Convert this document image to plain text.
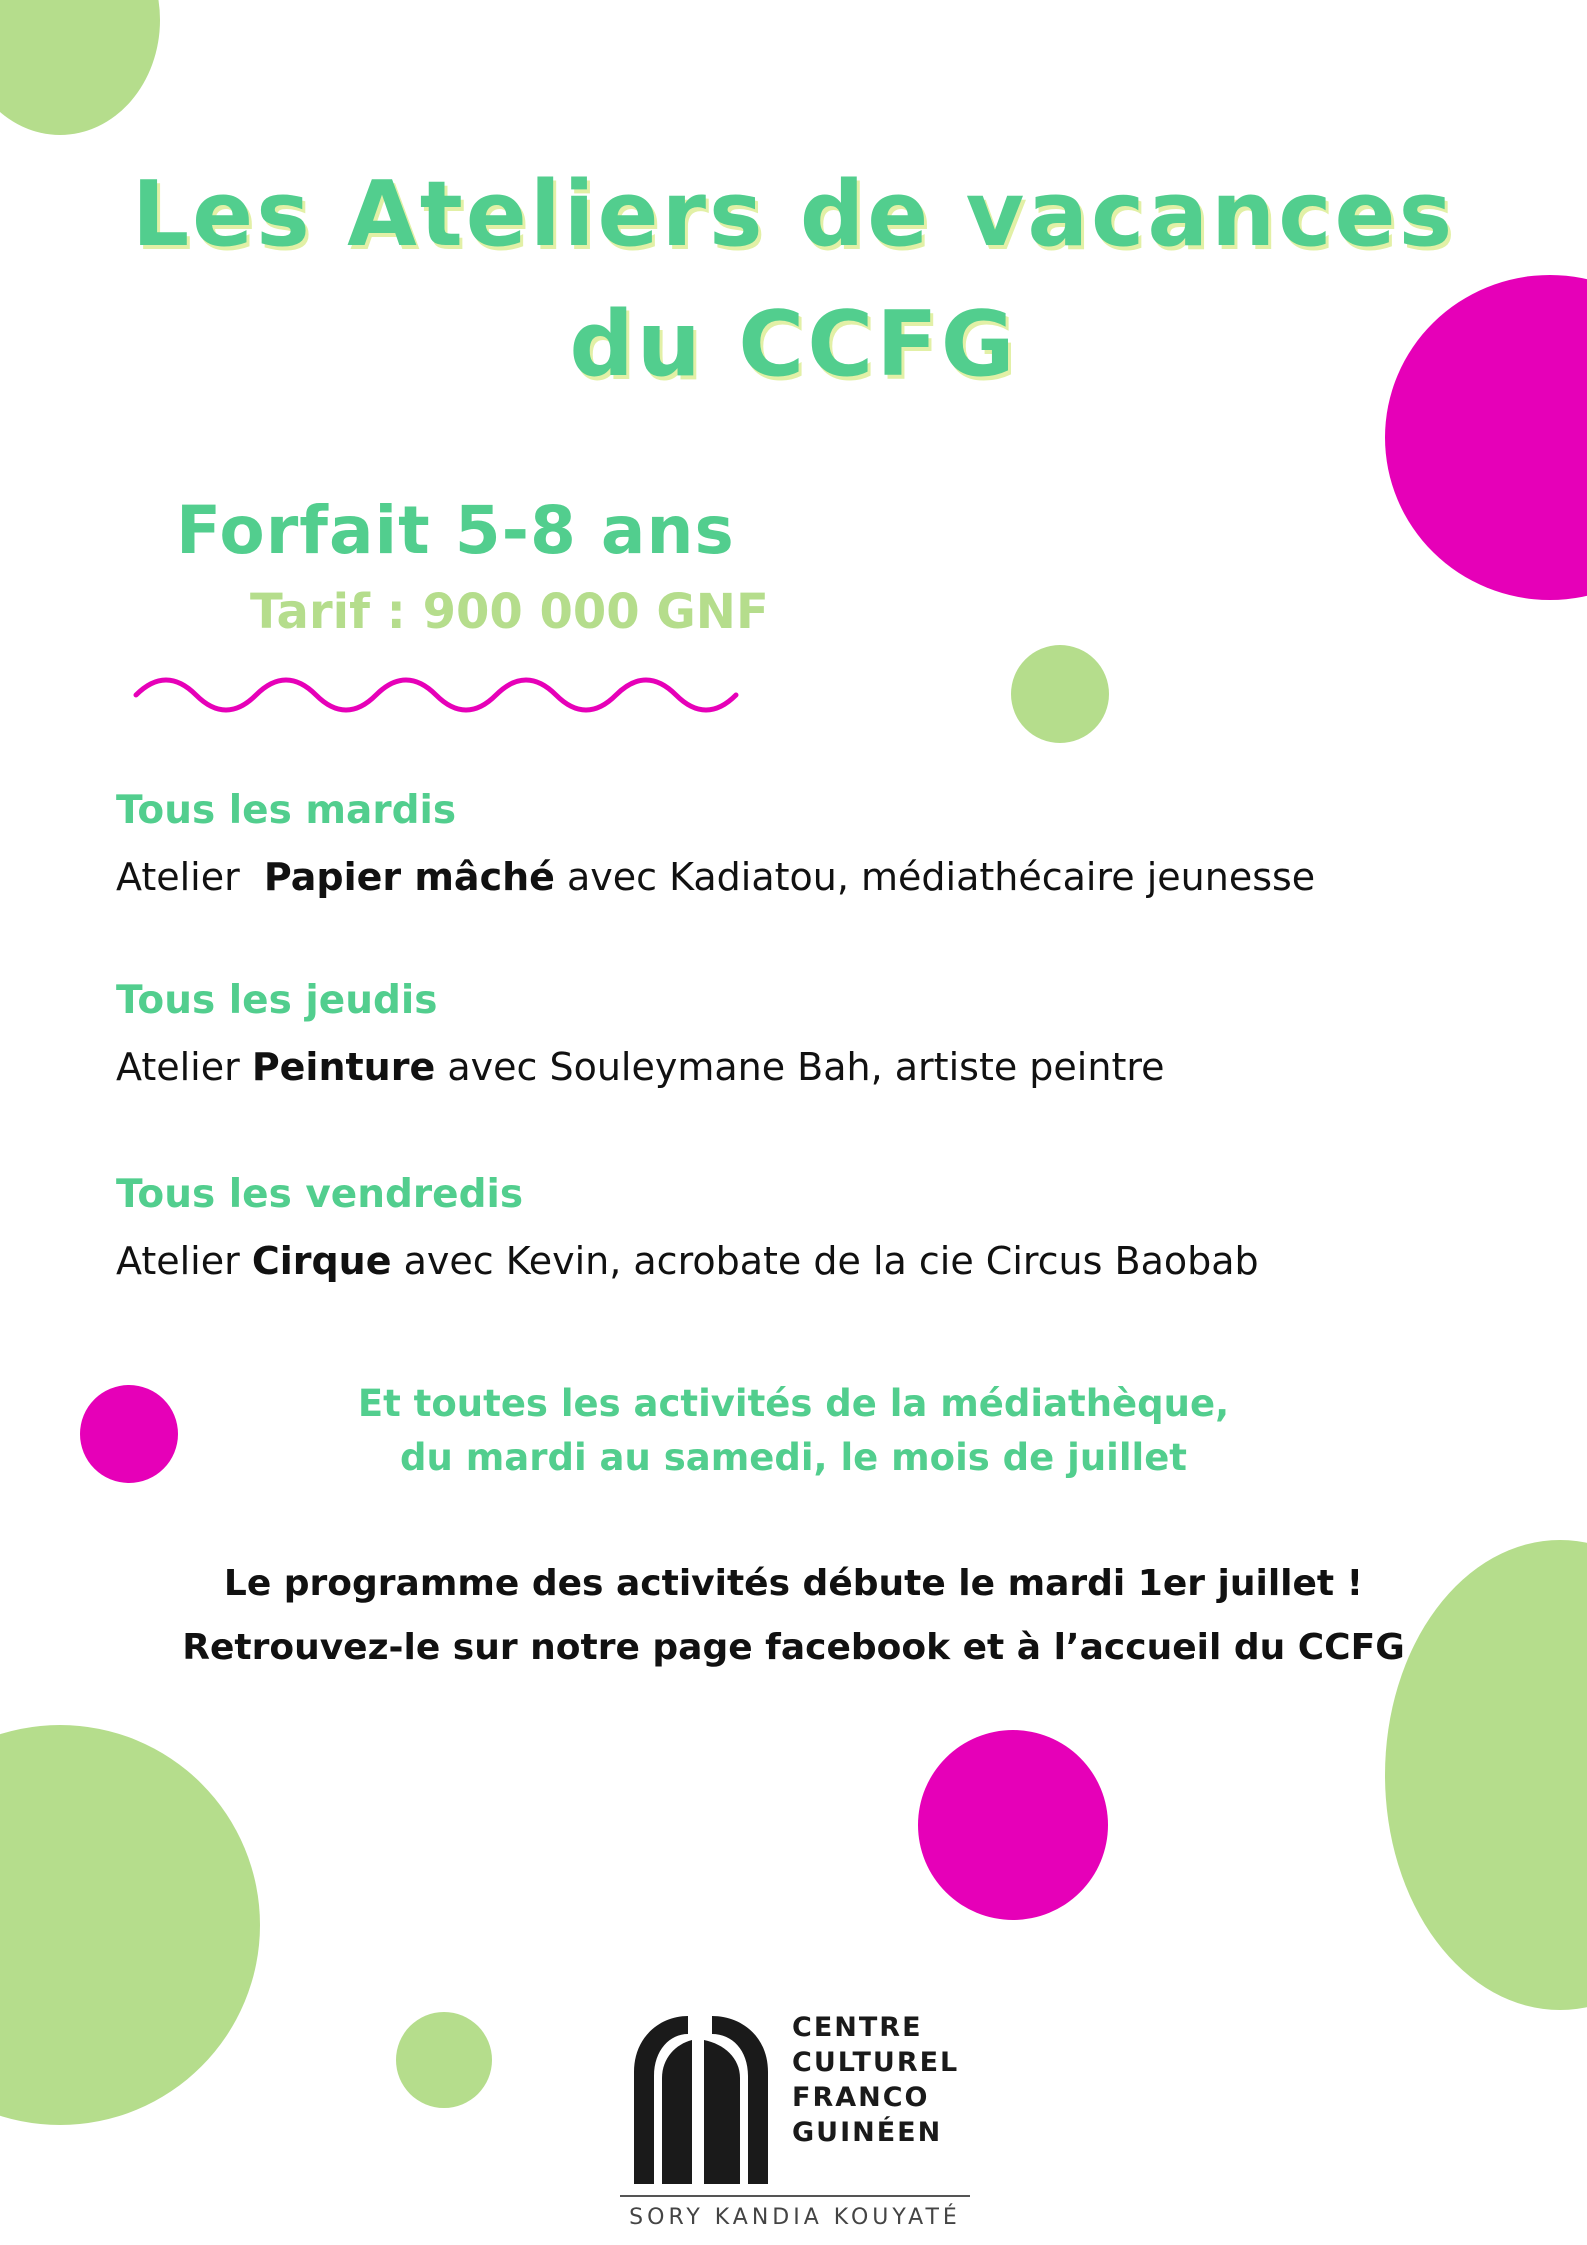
Les Ateliers de vacances
du CCFG
Forfait 5-8 ans
Tarif : 900 000 GNF
Tous les mardis
Atelier  Papier mâché avec Kadiatou, médiathécaire jeunesse
Tous les jeudis
Atelier Peinture avec Souleymane Bah, artiste peintre
Tous les vendredis
Atelier Cirque avec Kevin, acrobate de la cie Circus Baobab
Et toutes les activités de la médiathèque,
du mardi au samedi, le mois de juillet
Le programme des activités débute le mardi 1er juillet !
Retrouvez-le sur notre page facebook et à l’accueil du CCFG
CENTRE
CULTUREL
FRANCO
GUINÉEN
SORY KANDIA KOUYATÉ
